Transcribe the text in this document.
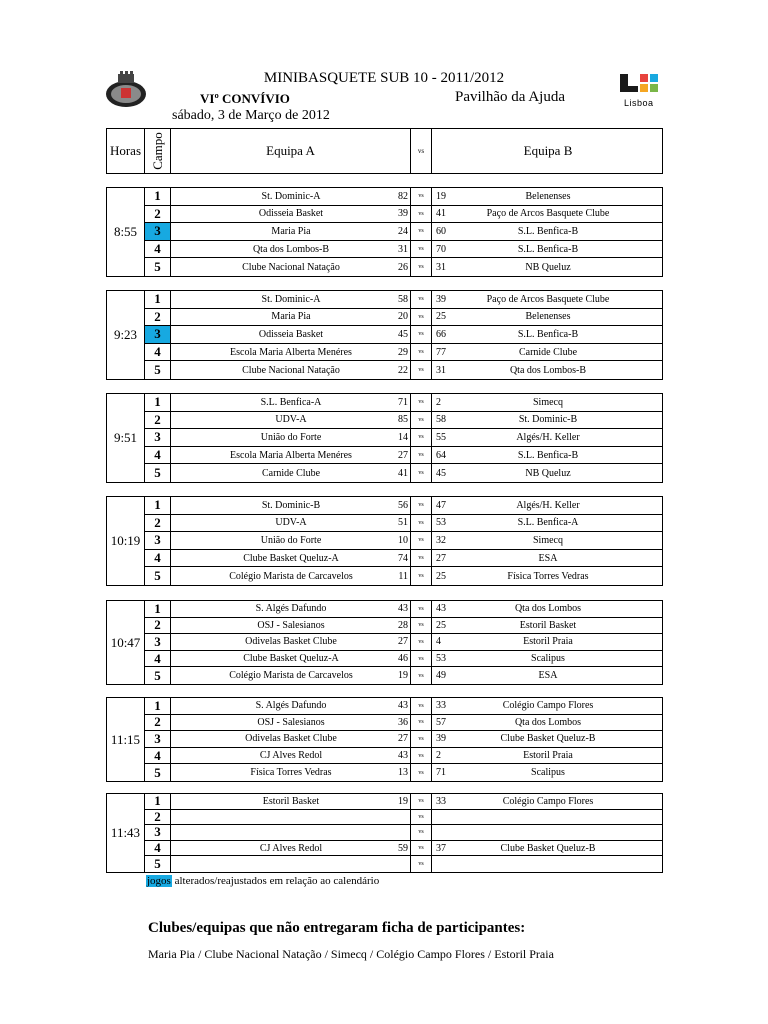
Lisboa
MINIBASQUETE SUB 10 - 2011/2012
VIº CONVÍVIO	Pavilhão da Ajuda
sábado, 3 de Março de 2012
Horas Campo	Equipa A	vs	Equipa B
8:55
1	St. Dominic-A	82	vs	19	Belenenses
2	Odisseia Basket	39	vs	41	Paço de Arcos Basquete Clube
3	Maria Pia	24	vs	60	S.L. Benfica-B
4	Qta dos Lombos-B	31	vs	70	S.L. Benfica-B
5	Clube Nacional Natação	26	vs	31	NB Queluz
9:23
1	St. Dominic-A	58	vs	39	Paço de Arcos Basquete Clube
2	Maria Pia	20	vs	25	Belenenses
3	Odisseia Basket	45	vs	66	S.L. Benfica-B
4	Escola Maria Alberta Menéres	29	vs	77	Carnide Clube
5	Clube Nacional Natação	22	vs	31	Qta dos Lombos-B
9:51
1	S.L. Benfica-A	71	vs	2	Simecq
2	UDV-A	85	vs	58	St. Dominic-B
3	União do Forte	14	vs	55	Algés/H. Keller
4	Escola Maria Alberta Menéres	27	vs	64	S.L. Benfica-B
5	Carnide Clube	41	vs	45	NB Queluz
10:19
1	St. Dominic-B	56	vs	47	Algés/H. Keller
2	UDV-A	51	vs	53	S.L. Benfica-A
3	União do Forte	10	vs	32	Simecq
4	Clube Basket Queluz-A	74	vs	27	ESA
5	Colégio Marista de Carcavelos	11	vs	25	Física Torres Vedras
10:47
1	S. Algés Dafundo	43	vs	43	Qta dos Lombos
2	OSJ - Salesianos	28	vs	25	Estoril Basket
3	Odivelas Basket Clube	27	vs	4	Estoril Praia
4	Clube Basket Queluz-A	46	vs	53	Scalipus
5	Colégio Marista de Carcavelos	19	vs	49	ESA
11:15
1	S. Algés Dafundo	43	vs	33	Colégio Campo Flores
2	OSJ - Salesianos	36	vs	57	Qta dos Lombos
3	Odivelas Basket Clube	27	vs	39	Clube Basket Queluz-B
4	CJ Alves Redol	43	vs	2	Estoril Praia
5	Física Torres Vedras	13	vs	71	Scalipus
11:43
1	Estoril Basket	19	vs	33	Colégio Campo Flores
2	vs
3	vs
4	CJ Alves Redol	59	vs	37	Clube Basket Queluz-B
5	vs
jogos alterados/reajustados em relação ao calendário
Clubes/equipas que não entregaram ficha de participantes:
Maria Pia / Clube Nacional Natação / Simecq / Colégio Campo Flores / Estoril Praia
